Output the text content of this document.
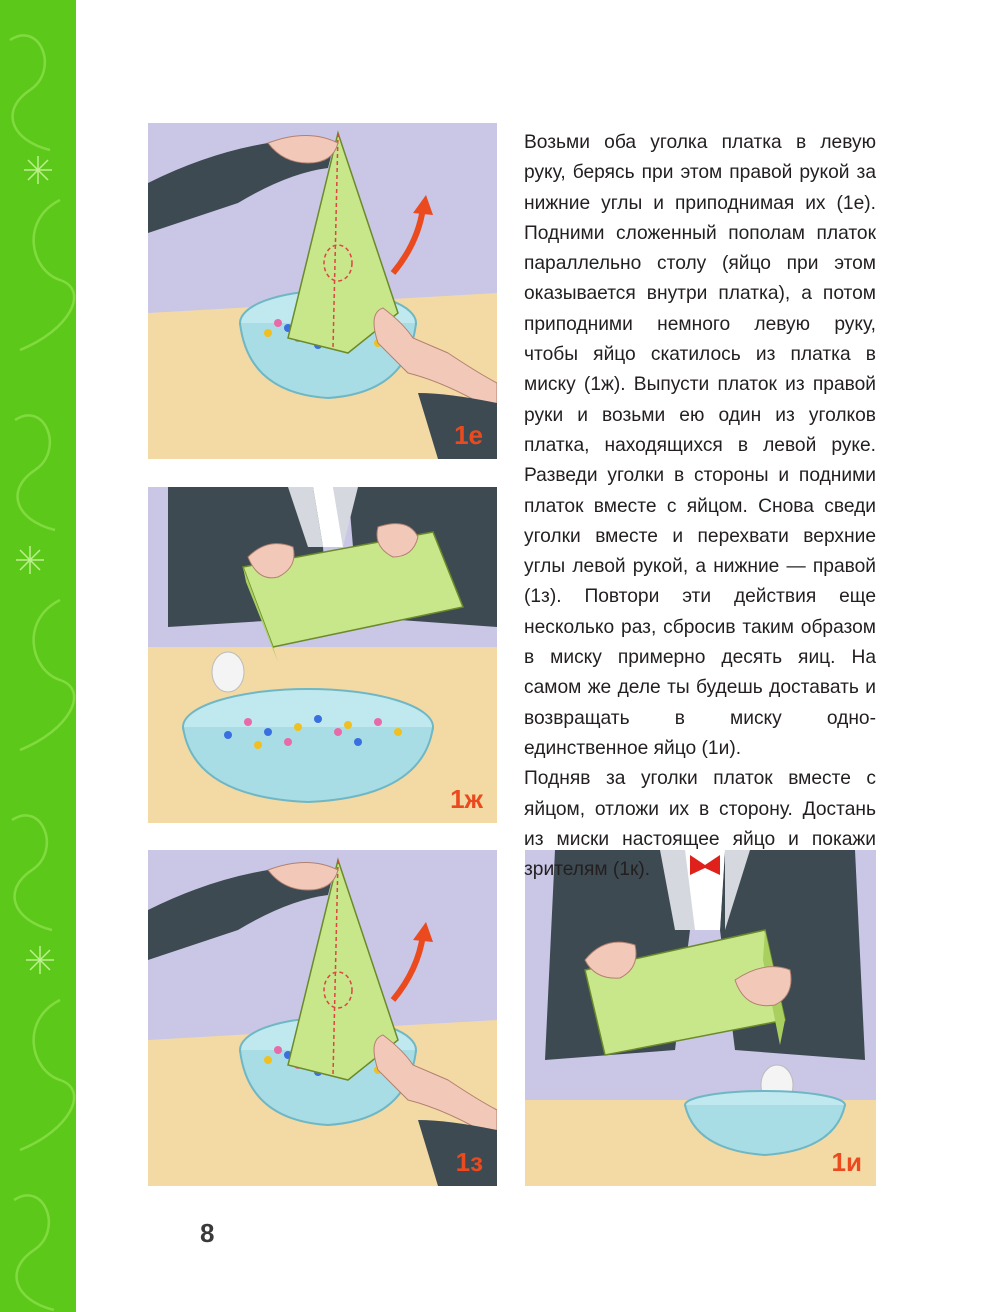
1е
1ж
1з	1и

Возьми оба уголка платка в левую руку, берясь при этом правой рукой за нижние углы и приподнимая их (1е). Подними сложенный пополам платок параллельно столу (яйцо при этом оказывается внутри платка), а потом приподними немного левую руку, чтобы яйцо скатилось из платка в миску (1ж). Выпусти платок из правой руки и возьми ею один из уголков платка, находящихся в левой руке. Разведи уголки в стороны и подними платок вместе с яйцом. Снова сведи уголки вместе и перехвати верхние углы левой рукой, а нижние — правой (1з). Повтори эти действия еще несколько раз, сбросив таким образом в миску примерно десять яиц. На самом же деле ты будешь доставать и возвращать в миску одно-единственное яйцо (1и).

Подняв за уголки платок вместе с яйцом, отложи их в сторону. Достань из миски настоящее яйцо и покажи зрителям (1к).

8
